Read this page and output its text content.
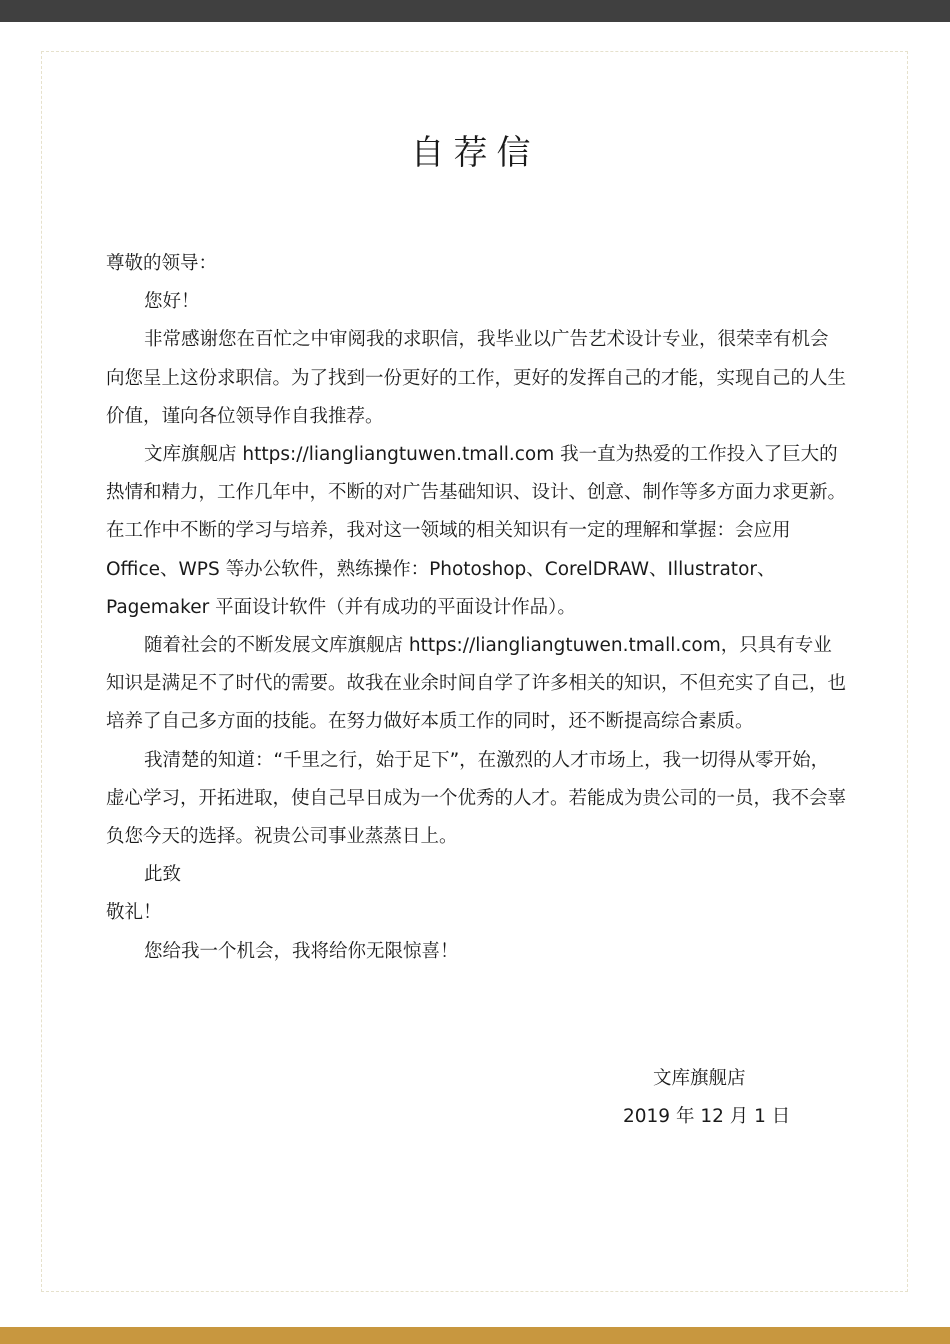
自荐信

尊敬的领导：

您好！

非常感谢您在百忙之中审阅我的求职信，我毕业以广告艺术设计专业，很荣幸有机会向您呈上这份求职信。为了找到一份更好的工作，更好的发挥自己的才能，实现自己的人生价值，谨向各位领导作自我推荐。

文库旗舰店 https://liangliangtuwen.tmall.com 我一直为热爱的工作投入了巨大的热情和精力，工作几年中，不断的对广告基础知识、设计、创意、制作等多方面力求更新。在工作中不断的学习与培养，我对这一领域的相关知识有一定的理解和掌握：会应用 Office、WPS 等办公软件，熟练操作：Photoshop、CorelDRAW、Illustrator、Pagemaker 平面设计软件（并有成功的平面设计作品）。

随着社会的不断发展文库旗舰店 https://liangliangtuwen.tmall.com，只具有专业知识是满足不了时代的需要。故我在业余时间自学了许多相关的知识，不但充实了自己，也培养了自己多方面的技能。在努力做好本质工作的同时，还不断提高综合素质。

我清楚的知道：“千里之行，始于足下”，在激烈的人才市场上，我一切得从零开始，虚心学习，开拓进取，使自己早日成为一个优秀的人才。若能成为贵公司的一员，我不会辜负您今天的选择。祝贵公司事业蒸蒸日上。

此致

敬礼！

您给我一个机会，我将给你无限惊喜！

文库旗舰店
2019 年 12 月 1 日
